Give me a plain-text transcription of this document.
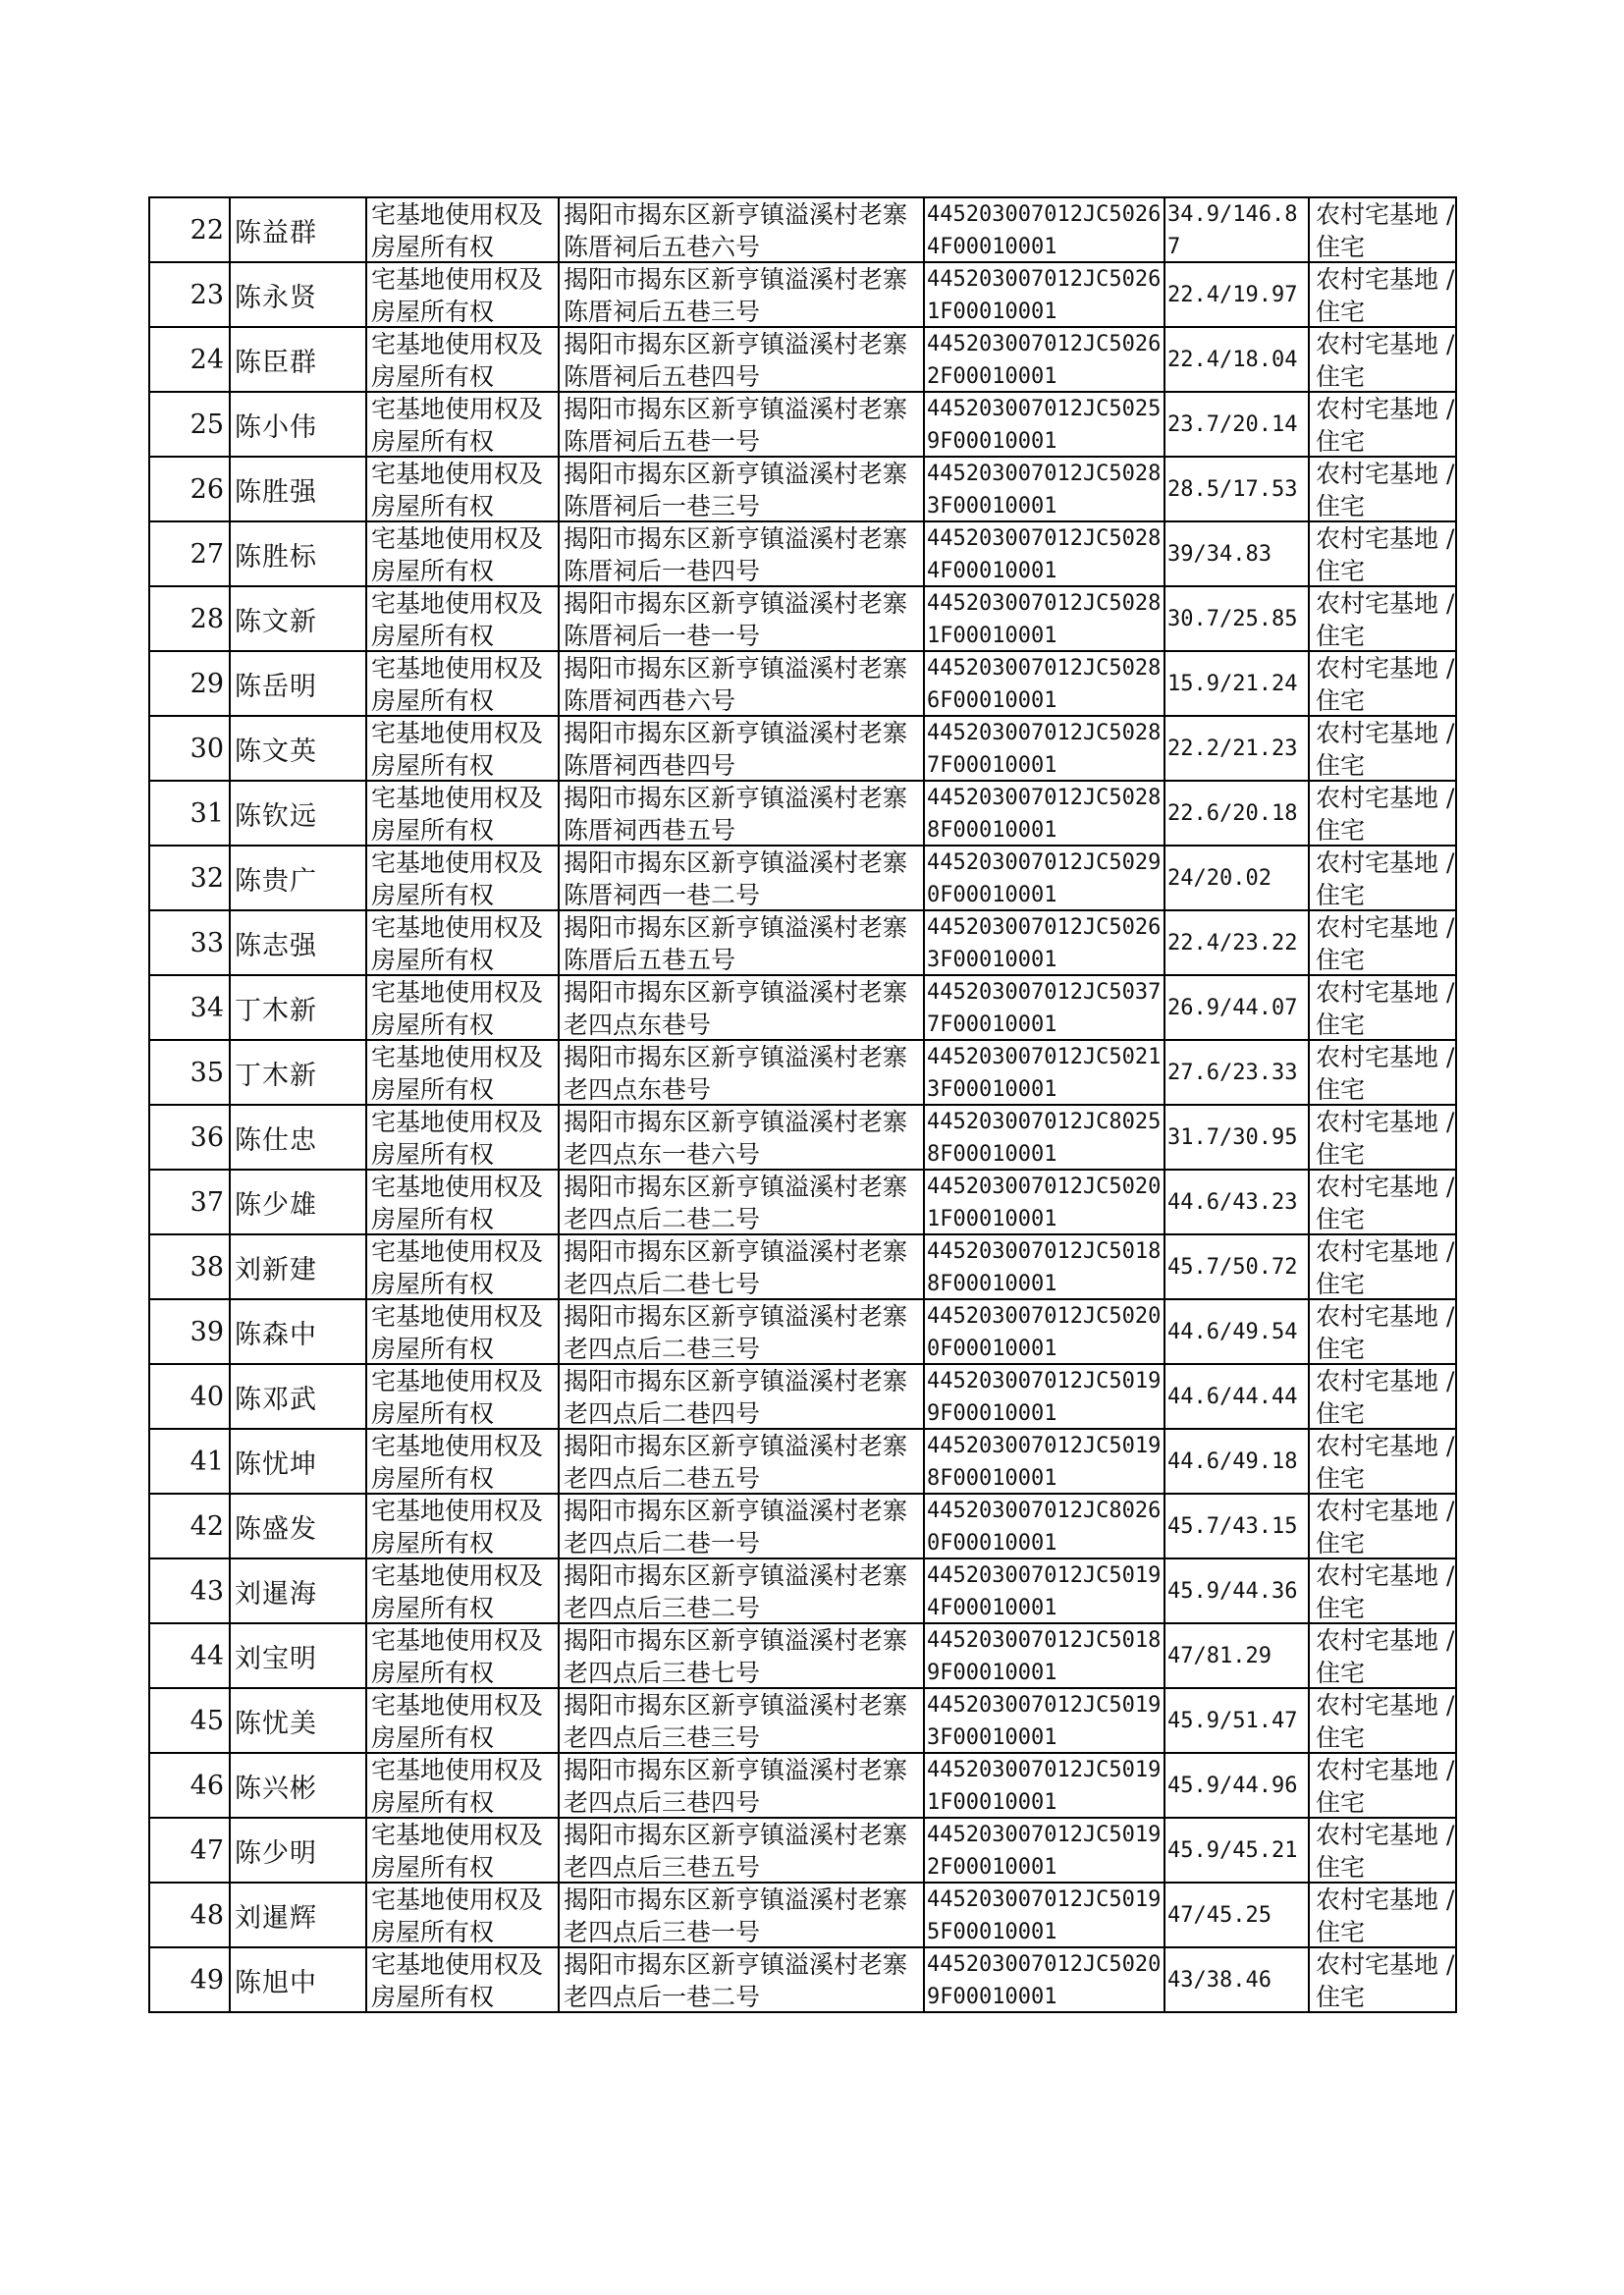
22	陈益群	宅基地使用权及房屋所有权	揭阳市揭东区新亨镇溢溪村老寨陈厝祠后五巷六号	445203007012JC50264F00010001	34.9/146.87	农村宅基地 / 住宅

23	陈永贤	宅基地使用权及房屋所有权	揭阳市揭东区新亨镇溢溪村老寨陈厝祠后五巷三号	445203007012JC50261F00010001	22.4/19.97	农村宅基地 / 住宅

24	陈臣群	宅基地使用权及房屋所有权	揭阳市揭东区新亨镇溢溪村老寨陈厝祠后五巷四号	445203007012JC50262F00010001	22.4/18.04	农村宅基地 / 住宅

25	陈小伟	宅基地使用权及房屋所有权	揭阳市揭东区新亨镇溢溪村老寨陈厝祠后五巷一号	445203007012JC50259F00010001	23.7/20.14	农村宅基地 / 住宅

26	陈胜强	宅基地使用权及房屋所有权	揭阳市揭东区新亨镇溢溪村老寨陈厝祠后一巷三号	445203007012JC50283F00010001	28.5/17.53	农村宅基地 / 住宅

27	陈胜标	宅基地使用权及房屋所有权	揭阳市揭东区新亨镇溢溪村老寨陈厝祠后一巷四号	445203007012JC50284F00010001	39/34.83	农村宅基地 / 住宅

28	陈文新	宅基地使用权及房屋所有权	揭阳市揭东区新亨镇溢溪村老寨陈厝祠后一巷一号	445203007012JC50281F00010001	30.7/25.85	农村宅基地 / 住宅

29	陈岳明	宅基地使用权及房屋所有权	揭阳市揭东区新亨镇溢溪村老寨陈厝祠西巷六号	445203007012JC50286F00010001	15.9/21.24	农村宅基地 / 住宅

30	陈文英	宅基地使用权及房屋所有权	揭阳市揭东区新亨镇溢溪村老寨陈厝祠西巷四号	445203007012JC50287F00010001	22.2/21.23	农村宅基地 / 住宅

31	陈钦远	宅基地使用权及房屋所有权	揭阳市揭东区新亨镇溢溪村老寨陈厝祠西巷五号	445203007012JC50288F00010001	22.6/20.18	农村宅基地 / 住宅

32	陈贵广	宅基地使用权及房屋所有权	揭阳市揭东区新亨镇溢溪村老寨陈厝祠西一巷二号	445203007012JC50290F00010001	24/20.02	农村宅基地 / 住宅

33	陈志强	宅基地使用权及房屋所有权	揭阳市揭东区新亨镇溢溪村老寨陈厝后五巷五号	445203007012JC50263F00010001	22.4/23.22	农村宅基地 / 住宅

34	丁木新	宅基地使用权及房屋所有权	揭阳市揭东区新亨镇溢溪村老寨老四点东巷号	445203007012JC50377F00010001	26.9/44.07	农村宅基地 / 住宅

35	丁木新	宅基地使用权及房屋所有权	揭阳市揭东区新亨镇溢溪村老寨老四点东巷号	445203007012JC50213F00010001	27.6/23.33	农村宅基地 / 住宅

36	陈仕忠	宅基地使用权及房屋所有权	揭阳市揭东区新亨镇溢溪村老寨老四点东一巷六号	445203007012JC80258F00010001	31.7/30.95	农村宅基地 / 住宅

37	陈少雄	宅基地使用权及房屋所有权	揭阳市揭东区新亨镇溢溪村老寨老四点后二巷二号	445203007012JC50201F00010001	44.6/43.23	农村宅基地 / 住宅

38	刘新建	宅基地使用权及房屋所有权	揭阳市揭东区新亨镇溢溪村老寨老四点后二巷七号	445203007012JC50188F00010001	45.7/50.72	农村宅基地 / 住宅

39	陈森中	宅基地使用权及房屋所有权	揭阳市揭东区新亨镇溢溪村老寨老四点后二巷三号	445203007012JC50200F00010001	44.6/49.54	农村宅基地 / 住宅

40	陈邓武	宅基地使用权及房屋所有权	揭阳市揭东区新亨镇溢溪村老寨老四点后二巷四号	445203007012JC50199F00010001	44.6/44.44	农村宅基地 / 住宅

41	陈忧坤	宅基地使用权及房屋所有权	揭阳市揭东区新亨镇溢溪村老寨老四点后二巷五号	445203007012JC50198F00010001	44.6/49.18	农村宅基地 / 住宅

42	陈盛发	宅基地使用权及房屋所有权	揭阳市揭东区新亨镇溢溪村老寨老四点后二巷一号	445203007012JC80260F00010001	45.7/43.15	农村宅基地 / 住宅

43	刘暹海	宅基地使用权及房屋所有权	揭阳市揭东区新亨镇溢溪村老寨老四点后三巷二号	445203007012JC50194F00010001	45.9/44.36	农村宅基地 / 住宅

44	刘宝明	宅基地使用权及房屋所有权	揭阳市揭东区新亨镇溢溪村老寨老四点后三巷七号	445203007012JC50189F00010001	47/81.29	农村宅基地 / 住宅

45	陈忧美	宅基地使用权及房屋所有权	揭阳市揭东区新亨镇溢溪村老寨老四点后三巷三号	445203007012JC50193F00010001	45.9/51.47	农村宅基地 / 住宅

46	陈兴彬	宅基地使用权及房屋所有权	揭阳市揭东区新亨镇溢溪村老寨老四点后三巷四号	445203007012JC50191F00010001	45.9/44.96	农村宅基地 / 住宅

47	陈少明	宅基地使用权及房屋所有权	揭阳市揭东区新亨镇溢溪村老寨老四点后三巷五号	445203007012JC50192F00010001	45.9/45.21	农村宅基地 / 住宅

48	刘暹辉	宅基地使用权及房屋所有权	揭阳市揭东区新亨镇溢溪村老寨老四点后三巷一号	445203007012JC50195F00010001	47/45.25	农村宅基地 / 住宅

49	陈旭中	宅基地使用权及房屋所有权	揭阳市揭东区新亨镇溢溪村老寨老四点后一巷二号	445203007012JC50209F00010001	43/38.46	农村宅基地 / 住宅
